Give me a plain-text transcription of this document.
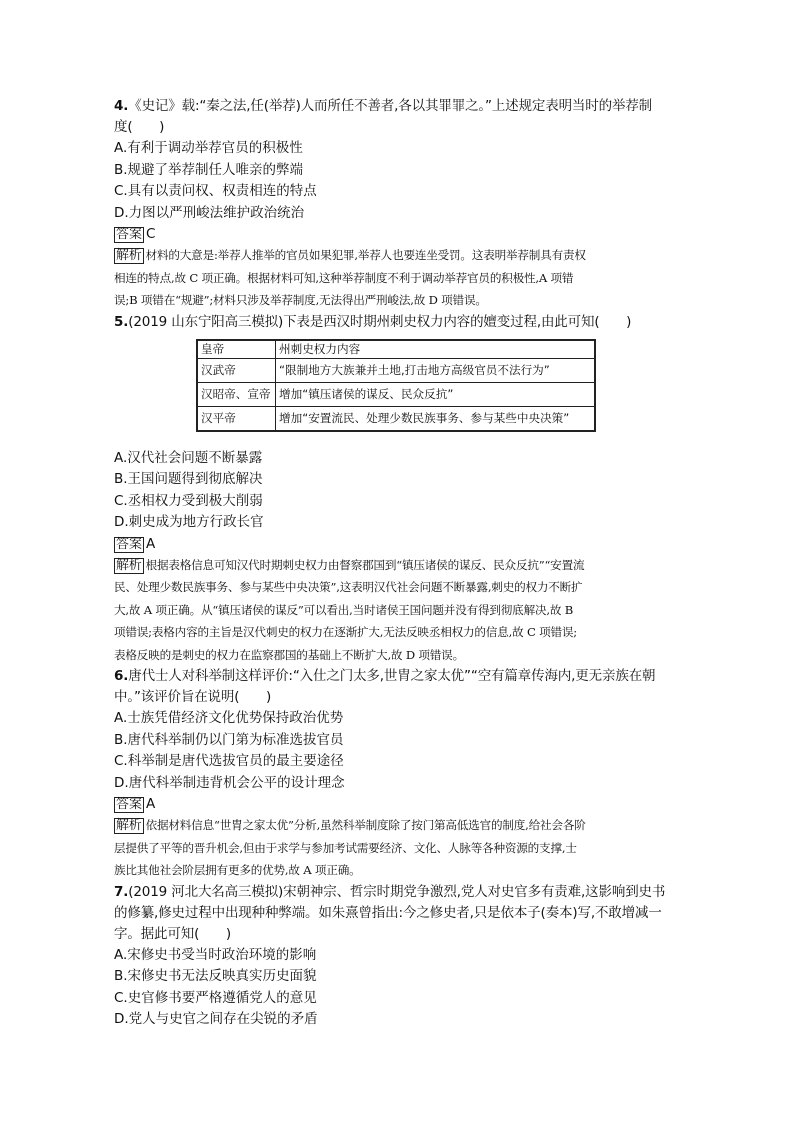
4.《史记》载:“秦之法,任(举荐)人而所任不善者,各以其罪罪之。”上述规定表明当时的举荐制
度(　　)
A.有利于调动举荐官员的积极性
B.规避了举荐制任人唯亲的弊端
C.具有以责问权、权责相连的特点
D.力图以严刑峻法维护政治统治
答案 C
解析 材料的大意是:举荐人推举的官员如果犯罪,举荐人也要连坐受罚。这表明举荐制具有责权
相连的特点,故 C 项正确。根据材料可知,这种举荐制度不利于调动举荐官员的积极性,A 项错
误;B 项错在“规避”;材料只涉及举荐制度,无法得出严刑峻法,故 D 项错误。
5.(2019 山东宁阳高三模拟)下表是西汉时期州刺史权力内容的嬗变过程,由此可知(　　)
皇帝	州刺史权力内容
汉武帝	“限制地方大族兼并土地,打击地方高级官员不法行为”
汉昭帝、宣帝	增加“镇压诸侯的谋反、民众反抗”
汉平帝	增加“安置流民、处理少数民族事务、参与某些中央决策”
A.汉代社会问题不断暴露
B.王国问题得到彻底解决
C.丞相权力受到极大削弱
D.刺史成为地方行政长官
答案 A
解析 根据表格信息可知汉代时期刺史权力由督察郡国到“镇压诸侯的谋反、民众反抗”“安置流
民、处理少数民族事务、参与某些中央决策”,这表明汉代社会问题不断暴露,刺史的权力不断扩
大,故 A 项正确。从“镇压诸侯的谋反”可以看出,当时诸侯王国问题并没有得到彻底解决,故 B
项错误;表格内容的主旨是汉代刺史的权力在逐渐扩大,无法反映丞相权力的信息,故 C 项错误;
表格反映的是刺史的权力在监察郡国的基础上不断扩大,故 D 项错误。
6.唐代士人对科举制这样评价:“入仕之门太多,世胄之家太优”“空有篇章传海内,更无亲族在朝
中。”该评价旨在说明(　　)
A.士族凭借经济文化优势保持政治优势
B.唐代科举制仍以门第为标准选拔官员
C.科举制是唐代选拔官员的最主要途径
D.唐代科举制违背机会公平的设计理念
答案 A
解析 依据材料信息“世胄之家太优”分析,虽然科举制度除了按门第高低选官的制度,给社会各阶
层提供了平等的晋升机会,但由于求学与参加考试需要经济、文化、人脉等各种资源的支撑,士
族比其他社会阶层拥有更多的优势,故 A 项正确。
7.(2019 河北大名高三模拟)宋朝神宗、哲宗时期党争激烈,党人对史官多有责难,这影响到史书
的修纂,修史过程中出现种种弊端。如朱熹曾指出:今之修史者,只是依本子(奏本)写,不敢增减一
字。据此可知(　　)
A.宋修史书受当时政治环境的影响
B.宋修史书无法反映真实历史面貌
C.史官修书要严格遵循党人的意见
D.党人与史官之间存在尖锐的矛盾
